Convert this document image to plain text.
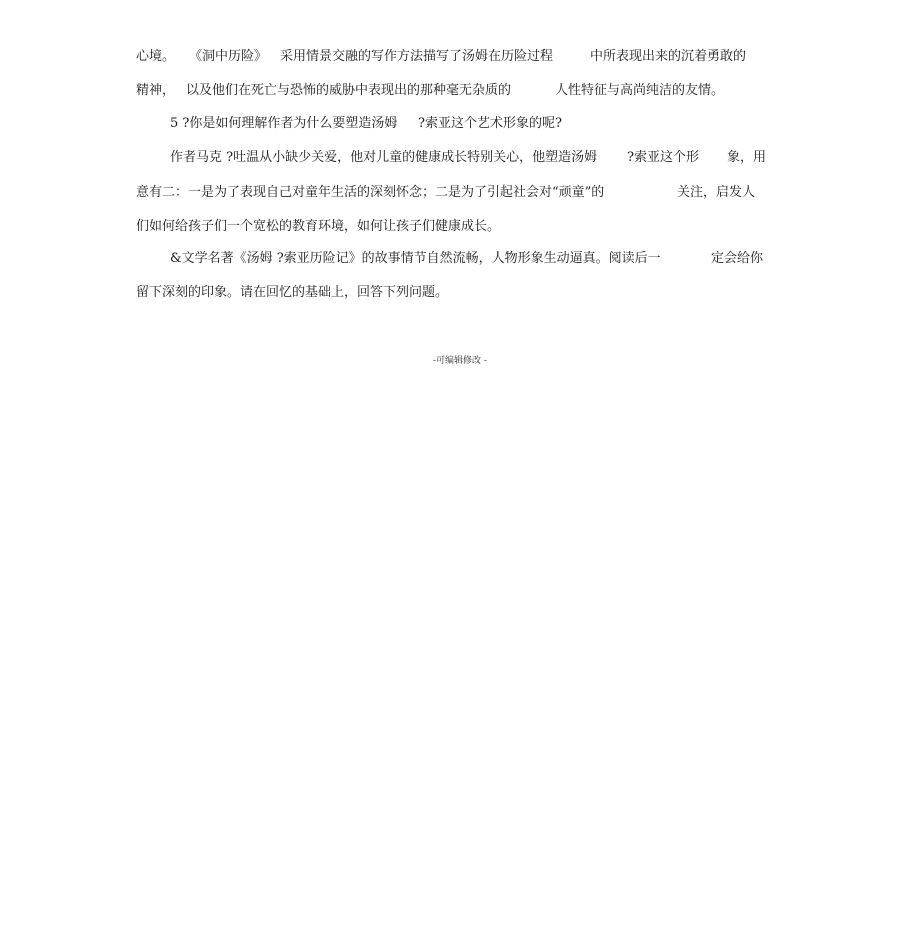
心境。 《洞中历险》 采用情景交融的写作方法描写了汤姆在历险过程	中所表现出来的沉着勇敢的
精神， 以及他们在死亡与恐怖的威胁中表现出的那种毫无杂质的	人性特征与高尚纯洁的友情。
5 ?你是如何理解作者为什么要塑造汤姆 ?索亚这个艺术形象的呢?
作者马克 ?吐温从小缺少关爱，他对儿童的健康成长特别关心，他塑造汤姆 ?索亚这个形 象，用
意有二：一是为了表现自己对童年生活的深刻怀念；二是为了引起社会对“顽童”的	关注，启发人
们如何给孩子们一个宽松的教育环境，如何让孩子们健康成长。
&文学名著《汤姆 ?索亚历险记》的故事情节自然流畅，人物形象生动逼真。阅读后一	定会给你
留下深刻的印象。请在回忆的基础上，回答下列问题。
-可编辑修改 -
